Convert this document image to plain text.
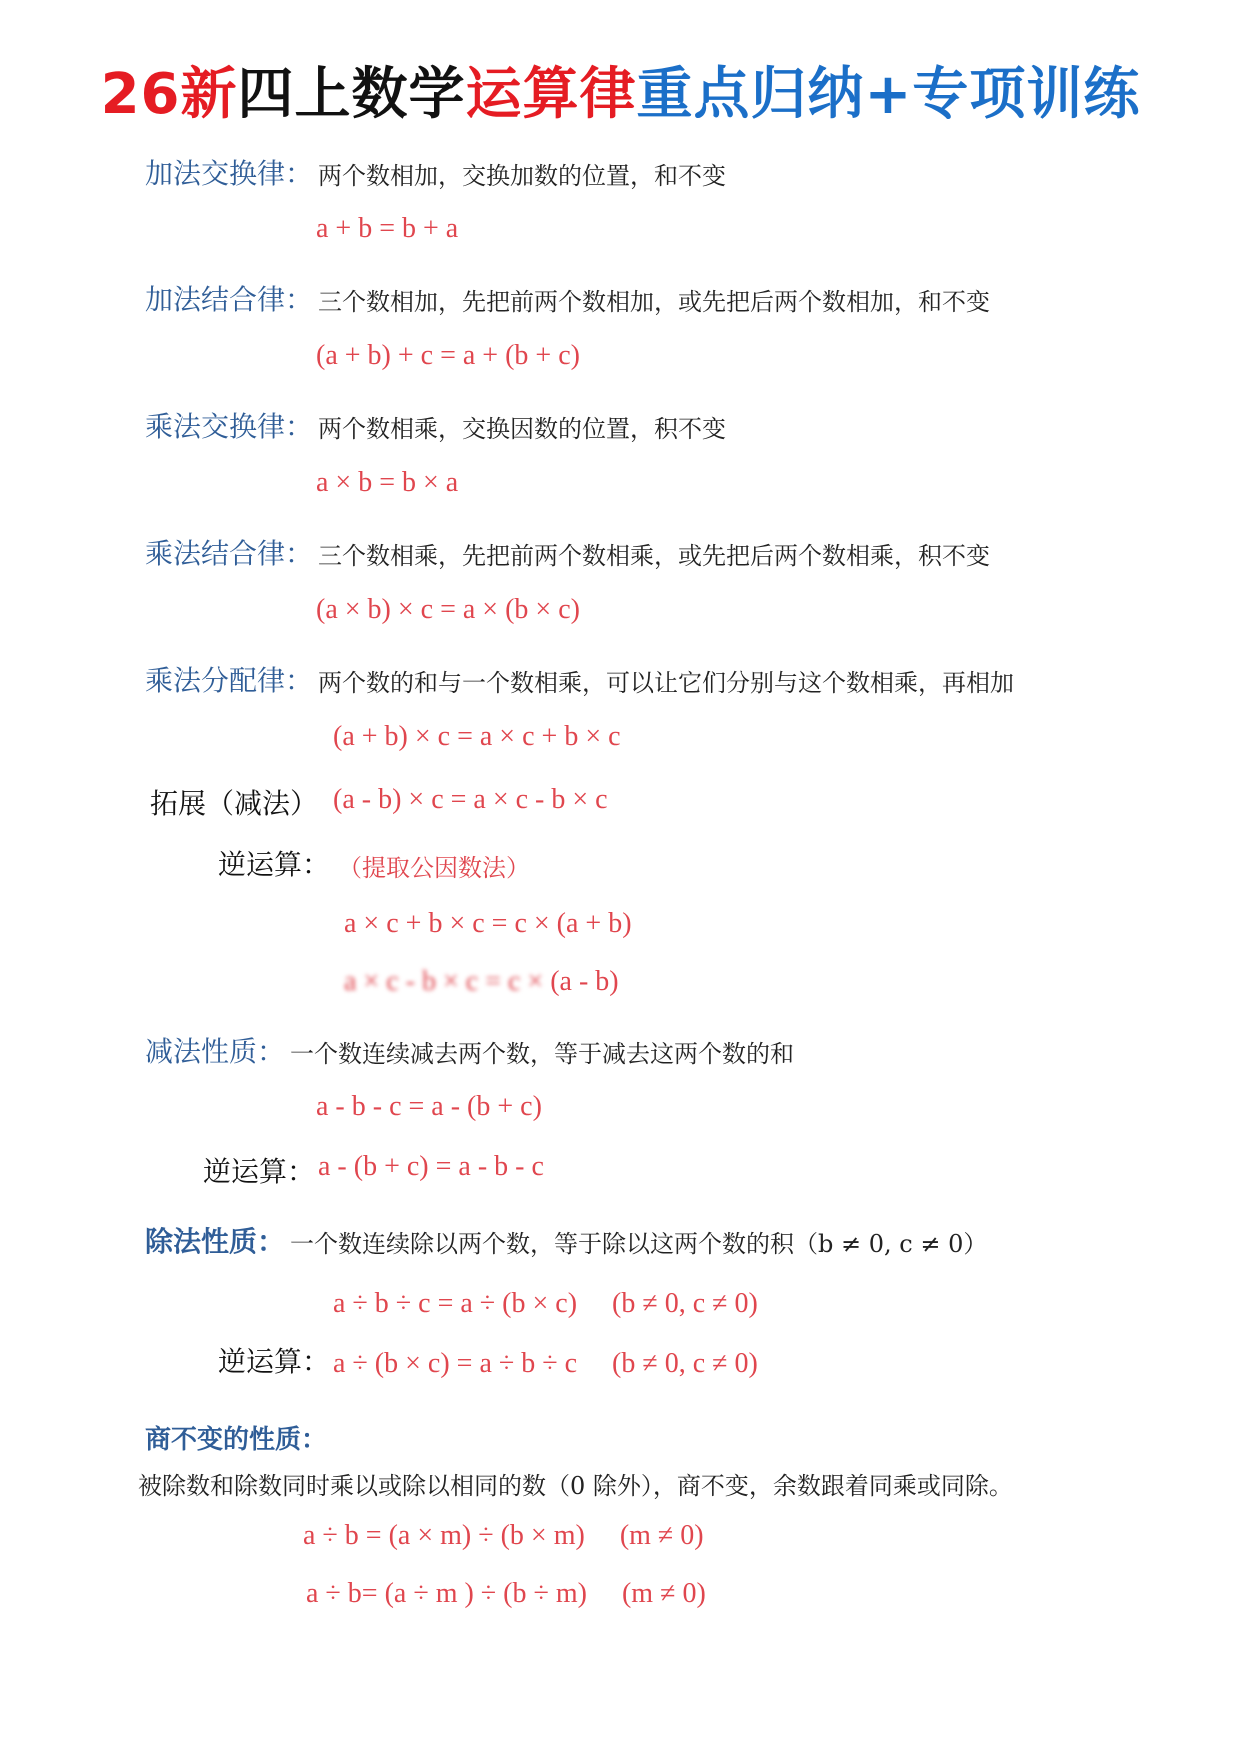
26新四上数学运算律重点归纳+专项训练
加法交换律： 两个数相加，交换加数的位置，和不变
a + b = b + a
加法结合律： 三个数相加，先把前两个数相加，或先把后两个数相加，和不变
(a + b) + c = a + (b + c)
乘法交换律： 两个数相乘，交换因数的位置，积不变
a × b = b × a
乘法结合律： 三个数相乘，先把前两个数相乘，或先把后两个数相乘，积不变
(a × b) × c = a × (b × c)
乘法分配律： 两个数的和与一个数相乘，可以让它们分别与这个数相乘，再相加
(a + b) × c = a × c + b × c
拓展（减法） (a - b) × c = a × c - b × c
逆运算： （提取公因数法）
a × c + b × c = c × (a + b)
a × c - b × c = c × (a - b)
减法性质： 一个数连续减去两个数，等于减去这两个数的和
a - b - c = a - (b + c)
逆运算： a - (b + c) = a - b - c
除法性质： 一个数连续除以两个数，等于除以这两个数的积（b ≠ 0, c ≠ 0）
a ÷ b ÷ c = a ÷ (b × c)　 (b ≠ 0, c ≠ 0)
逆运算： a ÷ (b × c) = a ÷ b ÷ c　 (b ≠ 0, c ≠ 0)
商不变的性质：
被除数和除数同时乘以或除以相同的数（0 除外），商不变，余数跟着同乘或同除。
a ÷ b = (a × m) ÷ (b × m)　 (m ≠ 0)
a ÷ b= (a ÷ m ) ÷ (b ÷ m)　 (m ≠ 0)
